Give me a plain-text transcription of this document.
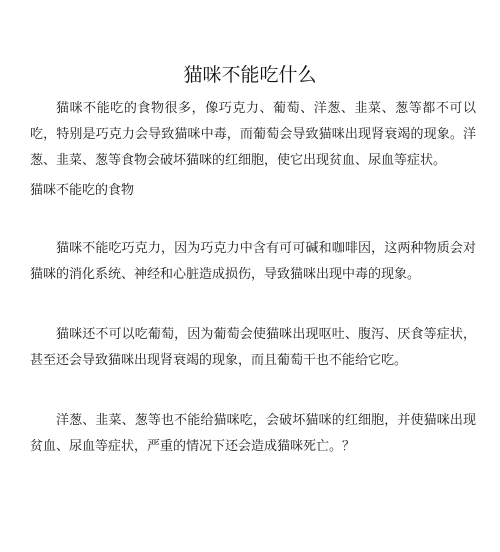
猫咪不能吃什么

猫咪不能吃的食物很多，像巧克力、葡萄、洋葱、韭菜、葱等都不可以吃，特别是巧克力会导致猫咪中毒，而葡萄会导致猫咪出现肾衰竭的现象。洋葱、韭菜、葱等食物会破坏猫咪的红细胞，使它出现贫血、尿血等症状。

猫咪不能吃的食物

猫咪不能吃巧克力，因为巧克力中含有可可碱和咖啡因，这两种物质会对猫咪的消化系统、神经和心脏造成损伤，导致猫咪出现中毒的现象。

猫咪还不可以吃葡萄，因为葡萄会使猫咪出现呕吐、腹泻、厌食等症状，甚至还会导致猫咪出现肾衰竭的现象，而且葡萄干也不能给它吃。

洋葱、韭菜、葱等也不能给猫咪吃，会破坏猫咪的红细胞，并使猫咪出现贫血、尿血等症状，严重的情况下还会造成猫咪死亡。？
